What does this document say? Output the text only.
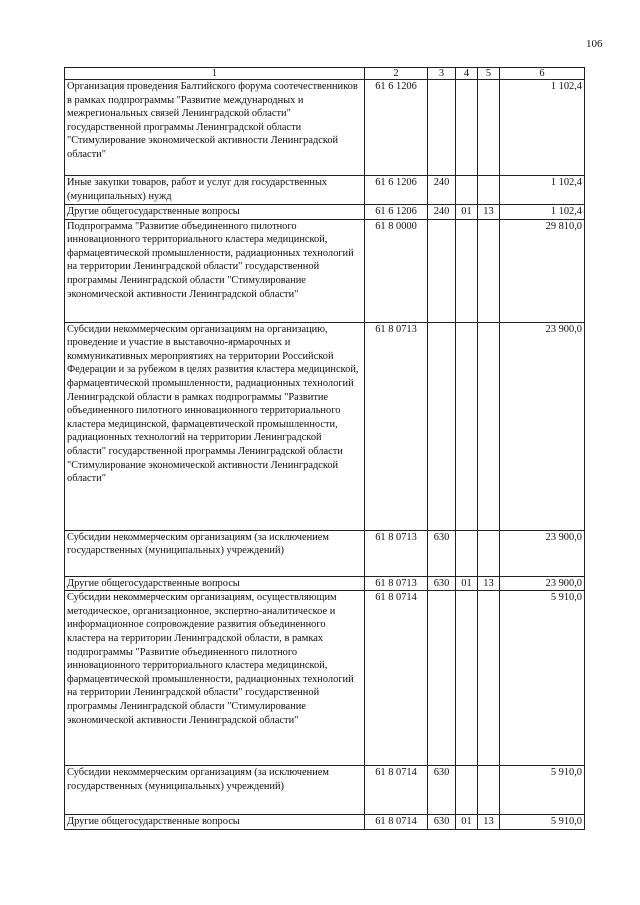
106
1	2	3	4	5	6
Организация проведения Балтийского форума соотечественников в рамках подпрограммы "Развитие международных и межрегиональных связей Ленинградской области" государственной программы Ленинградской области "Стимулирование экономической активности Ленинградской области"	61 6 1206				1 102,4
Иные закупки товаров, работ и услуг для государственных (муниципальных) нужд	61 6 1206	240			1 102,4
Другие общегосударственные вопросы	61 6 1206	240	01	13	1 102,4
Подпрограмма "Развитие объединенного пилотного инновационного территориального кластера медицинской, фармацевтической промышленности, радиационных технологий на территории Ленинградской области" государственной программы Ленинградской области "Стимулирование экономической активности Ленинградской области"	61 8 0000				29 810,0
Субсидии некоммерческим организациям на организацию, проведение и участие в выставочно-ярмарочных и коммуникативных мероприятиях на территории Российской Федерации и за рубежом в целях развития кластера медицинской, фармацевтической промышленности, радиационных технологий Ленинградской области в рамках подпрограммы "Развитие объединенного пилотного инновационного территориального кластера медицинской, фармацевтической промышленности, радиационных технологий на территории Ленинградской области" государственной программы Ленинградской области "Стимулирование экономической активности Ленинградской области"	61 8 0713				23 900,0
Субсидии некоммерческим организациям (за исключением государственных (муниципальных) учреждений)	61 8 0713	630			23 900,0
Другие общегосударственные вопросы	61 8 0713	630	01	13	23 900,0
Субсидии некоммерческим организациям, осуществляющим методическое, организационное, экспертно-аналитическое и информационное сопровождение развития объединенного кластера на территории Ленинградской области, в рамках подпрограммы "Развитие объединенного пилотного инновационного территориального кластера медицинской, фармацевтической промышленности, радиационных технологий на территории Ленинградской области" государственной программы Ленинградской области "Стимулирование экономической активности Ленинградской области"	61 8 0714				5 910,0
Субсидии некоммерческим организациям (за исключением государственных (муниципальных) учреждений)	61 8 0714	630			5 910,0
Другие общегосударственные вопросы	61 8 0714	630	01	13	5 910,0
